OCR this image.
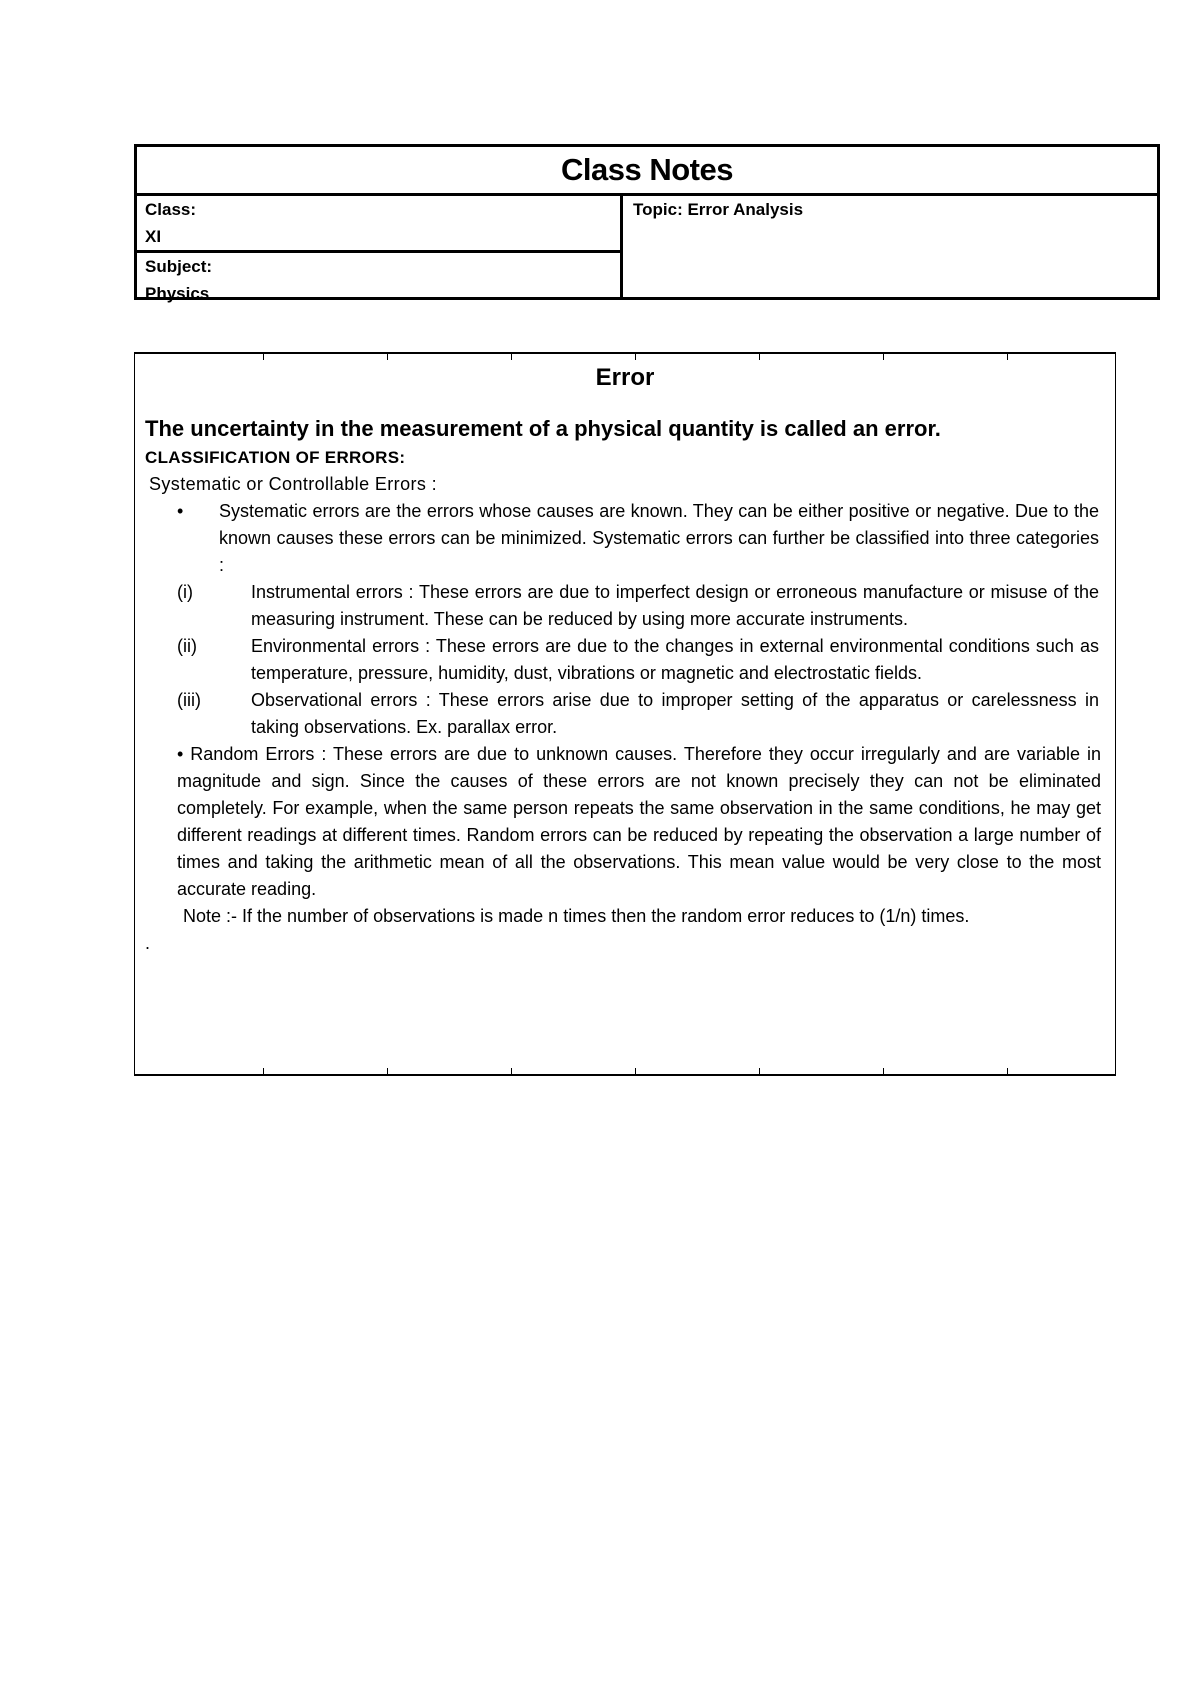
Class Notes
Class:
XI
Subject:
Physics
Topic: Error Analysis
Error
The uncertainty in the measurement of a physical quantity is called an error.
CLASSIFICATION OF ERRORS:
Systematic or Controllable Errors :
•	Systematic errors are the errors whose causes are known. They can be either positive or negative. Due to the known causes these errors can be minimized. Systematic errors can further be classified into three categories :
(i)	Instrumental errors : These errors are due to imperfect design or erroneous manufacture or misuse of the measuring instrument. These can be reduced by using more accurate instruments.
(ii)	Environmental errors : These errors are due to the changes in external environmental conditions such as temperature, pressure, humidity, dust, vibrations or magnetic and electrostatic fields.
(iii)	Observational errors : These errors arise due to improper setting of the apparatus or carelessness in taking observations. Ex. parallax error.
• Random Errors : These errors are due to unknown causes. Therefore they occur irregularly and are variable in magnitude and sign. Since the causes of these errors are not known precisely they can not be eliminated completely. For example, when the same person repeats the same observation in the same conditions, he may get different readings at different times. Random errors can be reduced by repeating the observation a large number of times and taking the arithmetic mean of all the observations. This mean value would be very close to the most accurate reading.
Note :- If the number of observations is made n times then the random error reduces to (1/n) times.
.
